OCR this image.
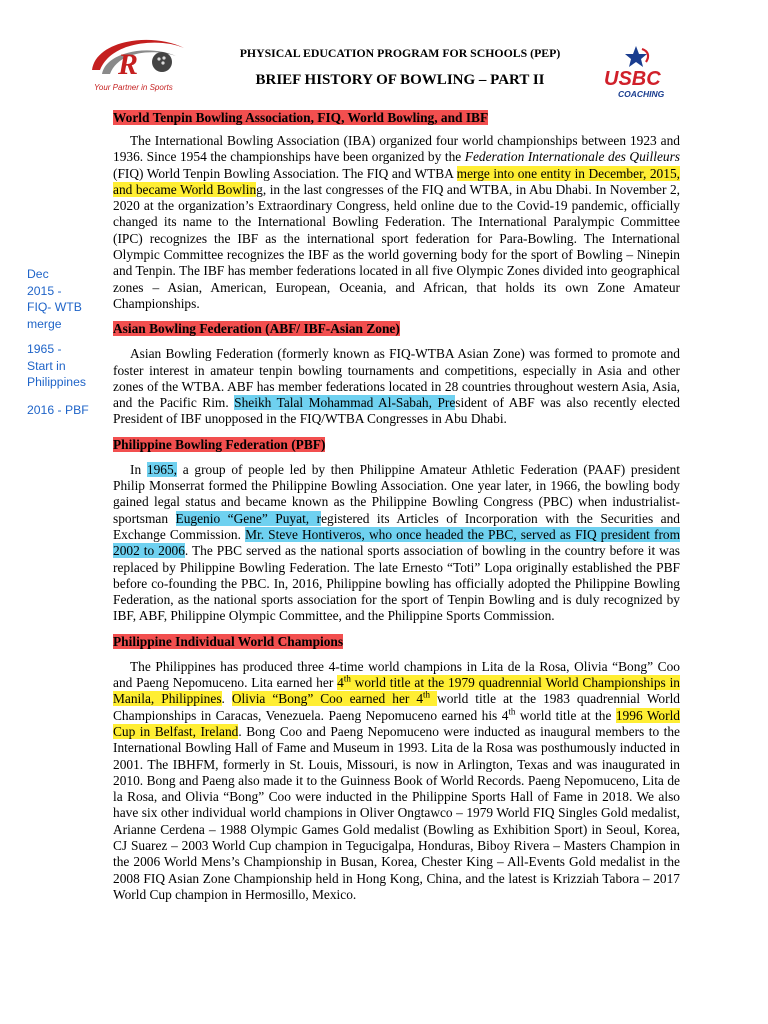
R
Your Partner in Sports
PHYSICAL EDUCATION PROGRAM FOR SCHOOLS (PEP)
BRIEF HISTORY OF BOWLING – PART II	USBC
COACHING
Dec
2015 -
FIQ- WTB
merge
1965 -
Start in
Philippines
2016 - PBF
World Tenpin Bowling Association, FIQ, World Bowling, and IBF

The International Bowling Association (IBA) organized four world championships between 1923 and 1936. Since 1954 the championships have been organized by the Federation Internationale des Quilleurs (FIQ) World Tenpin Bowling Association. The FIQ and WTBA merge into one entity in December, 2015, and became World Bowling, in the last congresses of the FIQ and WTBA, in Abu Dhabi. In November 2, 2020 at the organization’s Extraordinary Congress, held online due to the Covid-19 pandemic, officially changed its name to the International Bowling Federation. The International Paralympic Committee (IPC) recognizes the IBF as the international sport federation for Para-Bowling. The International Olympic Committee recognizes the IBF as the world governing body for the sport of Bowling – Ninepin and Tenpin. The IBF has member federations located in all five Olympic Zones divided into geographical zones – Asian, American, European, Oceania, and African, that holds its own Zone Amateur Championships.

Asian Bowling Federation (ABF/ IBF-Asian Zone)

Asian Bowling Federation (formerly known as FIQ-WTBA Asian Zone) was formed to promote and foster interest in amateur tenpin bowling tournaments and competitions, especially in Asia and other zones of the WTBA. ABF has member federations located in 28 countries throughout western Asia, Asia, and the Pacific Rim. Sheikh Talal Mohammad Al-Sabah, President of ABF was also recently elected President of IBF unopposed in the FIQ/WTBA Congresses in Abu Dhabi.

Philippine Bowling Federation (PBF)

In 1965, a group of people led by then Philippine Amateur Athletic Federation (PAAF) president Philip Monserrat formed the Philippine Bowling Association. One year later, in 1966, the bowling body gained legal status and became known as the Philippine Bowling Congress (PBC) when industrialist-sportsman Eugenio “Gene” Puyat, registered its Articles of Incorporation with the Securities and Exchange Commission. Mr. Steve Hontiveros, who once headed the PBC, served as FIQ president from 2002 to 2006. The PBC served as the national sports association of bowling in the country before it was replaced by Philippine Bowling Federation. The late Ernesto “Toti” Lopa originally established the PBF before co-founding the PBC. In, 2016, Philippine bowling has officially adopted the Philippine Bowling Federation, as the national sports association for the sport of Tenpin Bowling and is duly recognized by IBF, ABF, Philippine Olympic Committee, and the Philippine Sports Commission.

Philippine Individual World Champions

The Philippines has produced three 4-time world champions in Lita de la Rosa, Olivia “Bong” Coo and Paeng Nepomuceno. Lita earned her 4th world title at the 1979 quadrennial World Championships in Manila, Philippines. Olivia “Bong” Coo earned her 4th world title at the 1983 quadrennial World Championships in Caracas, Venezuela. Paeng Nepomuceno earned his 4th world title at the 1996 World Cup in Belfast, Ireland. Bong Coo and Paeng Nepomuceno were inducted as inaugural members to the International Bowling Hall of Fame and Museum in 1993. Lita de la Rosa was posthumously inducted in 2001. The IBHFM, formerly in St. Louis, Missouri, is now in Arlington, Texas and was inaugurated in 2010. Bong and Paeng also made it to the Guinness Book of World Records. Paeng Nepomuceno, Lita de la Rosa, and Olivia “Bong” Coo were inducted in the Philippine Sports Hall of Fame in 2018. We also have six other individual world champions in Oliver Ongtawco – 1979 World FIQ Singles Gold medalist, Arianne Cerdena – 1988 Olympic Games Gold medalist (Bowling as Exhibition Sport) in Seoul, Korea, CJ Suarez – 2003 World Cup champion in Tegucigalpa, Honduras, Biboy Rivera – Masters Champion in the 2006 World Mens’s Championship in Busan, Korea, Chester King – All-Events Gold medalist in the 2008 FIQ Asian Zone Championship held in Hong Kong, China, and the latest is Krizziah Tabora – 2017 World Cup champion in Hermosillo, Mexico.
